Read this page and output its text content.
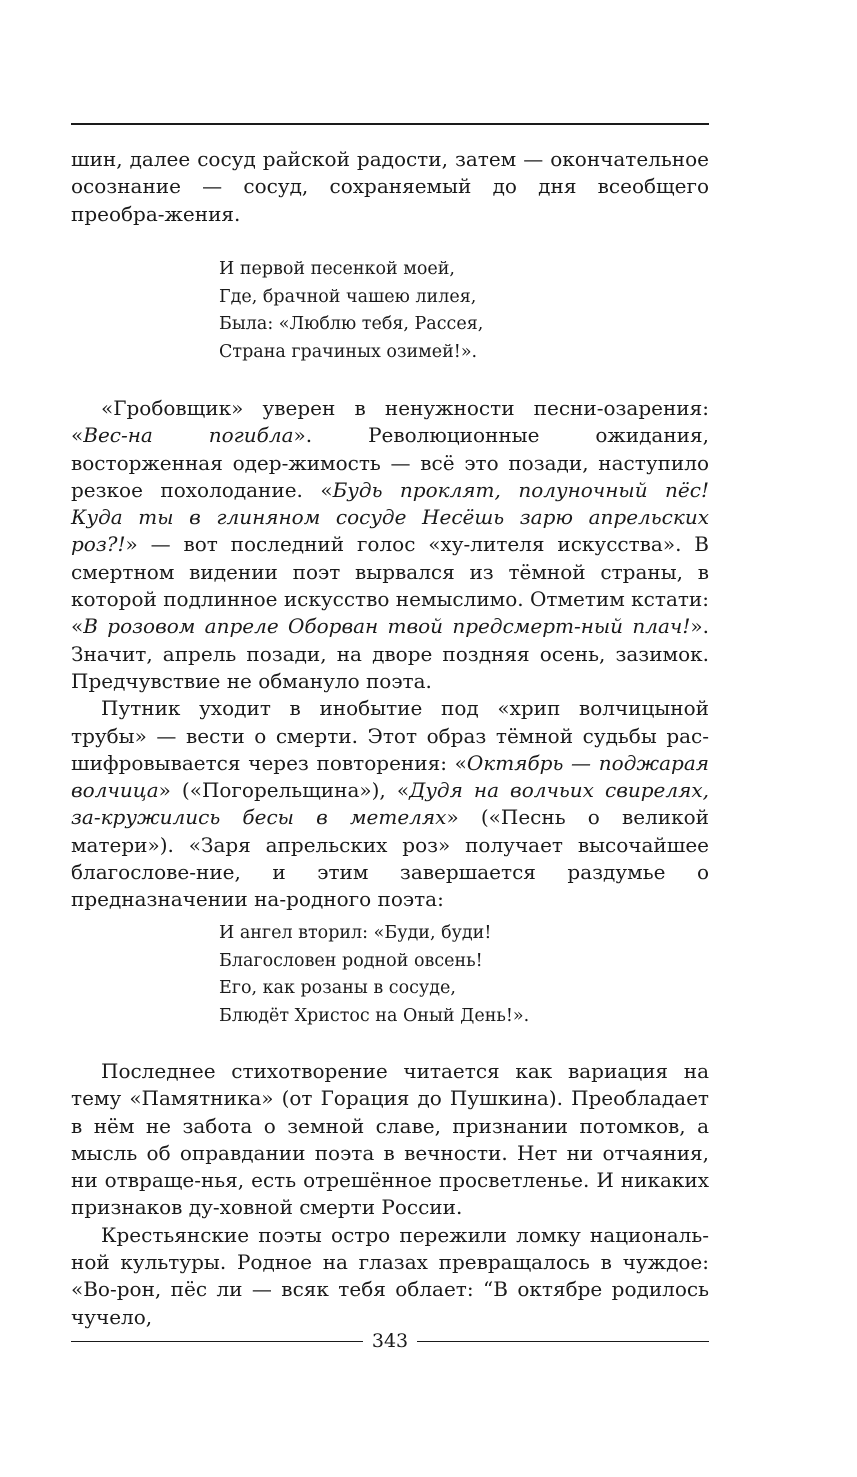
шин, далее сосуд райской радости, затем — окончательное осознание — сосуд, сохраняемый до дня всеобщего преобра-жения.

И первой песенкой моей,
Где, брачной чашею лилея,
Была: «Люблю тебя, Рассея,
Страна грачиных озимей!».

«Гробовщик» уверен в ненужности песни-озарения: «Вес-на погибла». Революционные ожидания, восторженная одер-жимость — всё это позади, наступило резкое похолодание. «Будь проклят, полуночный пёс! Куда ты в глиняном сосуде Несёшь зарю апрельских роз?!» — вот последний голос «ху-лителя искусства». В смертном видении поэт вырвался из тёмной страны, в которой подлинное искусство немыслимо. Отметим кстати: «В розовом апреле Оборван твой предсмерт-ный плач!». Значит, апрель позади, на дворе поздняя осень, зазимок. Предчувствие не обмануло поэта.

Путник уходит в инобытие под «хрип волчицыной трубы» — вести о смерти. Этот образ тёмной судьбы рас-шифровывается через повторения: «Октябрь — поджарая волчица» («Погорельщина»), «Дудя на волчьих свирелях, за-кружились бесы в метелях» («Песнь о великой матери»). «Заря апрельских роз» получает высочайшее благослове-ние, и этим завершается раздумье о предназначении на-родного поэта:

И ангел вторил: «Буди, буди!
Благословен родной овсень!
Его, как розаны в сосуде,
Блюдёт Христос на Оный День!».

Последнее стихотворение читается как вариация на тему «Памятника» (от Горация до Пушкина). Преобладает в нём не забота о земной славе, признании потомков, а мысль об оправдании поэта в вечности. Нет ни отчаяния, ни отвраще-нья, есть отрешённое просветленье. И никаких признаков ду-ховной смерти России.

Крестьянские поэты остро пережили ломку националь-ной культуры. Родное на глазах превращалось в чуждое: «Во-рон, пёс ли — всяк тебя облает: “В октябре родилось чучело,

343
